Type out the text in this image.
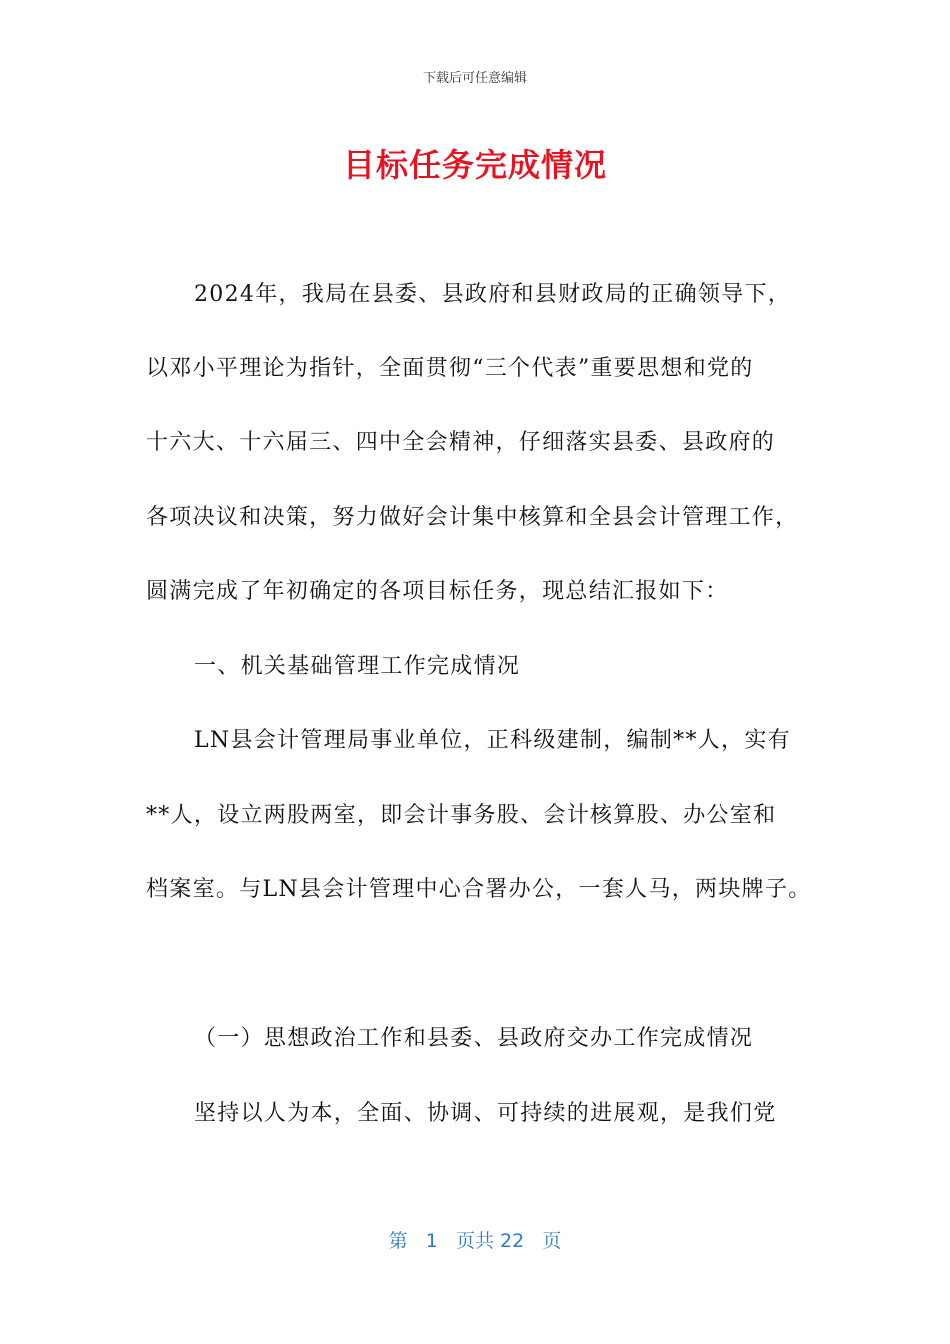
下载后可任意编辑
目标任务完成情况
2024年，我局在县委、县政府和县财政局的正确领导下，
以邓小平理论为指针，全面贯彻“三个代表”重要思想和党的
十六大、十六届三、四中全会精神，仔细落实县委、县政府的
各项决议和决策，努力做好会计集中核算和全县会计管理工作，
圆满完成了年初确定的各项目标任务，现总结汇报如下：
一、机关基础管理工作完成情况
LN县会计管理局事业单位，正科级建制，编制**人，实有
**人，设立两股两室，即会计事务股、会计核算股、办公室和
档案室。与LN县会计管理中心合署办公，一套人马，两块牌子。
（一）思想政治工作和县委、县政府交办工作完成情况
坚持以人为本，全面、协调、可持续的进展观，是我们党
第 1 页共 22 页
